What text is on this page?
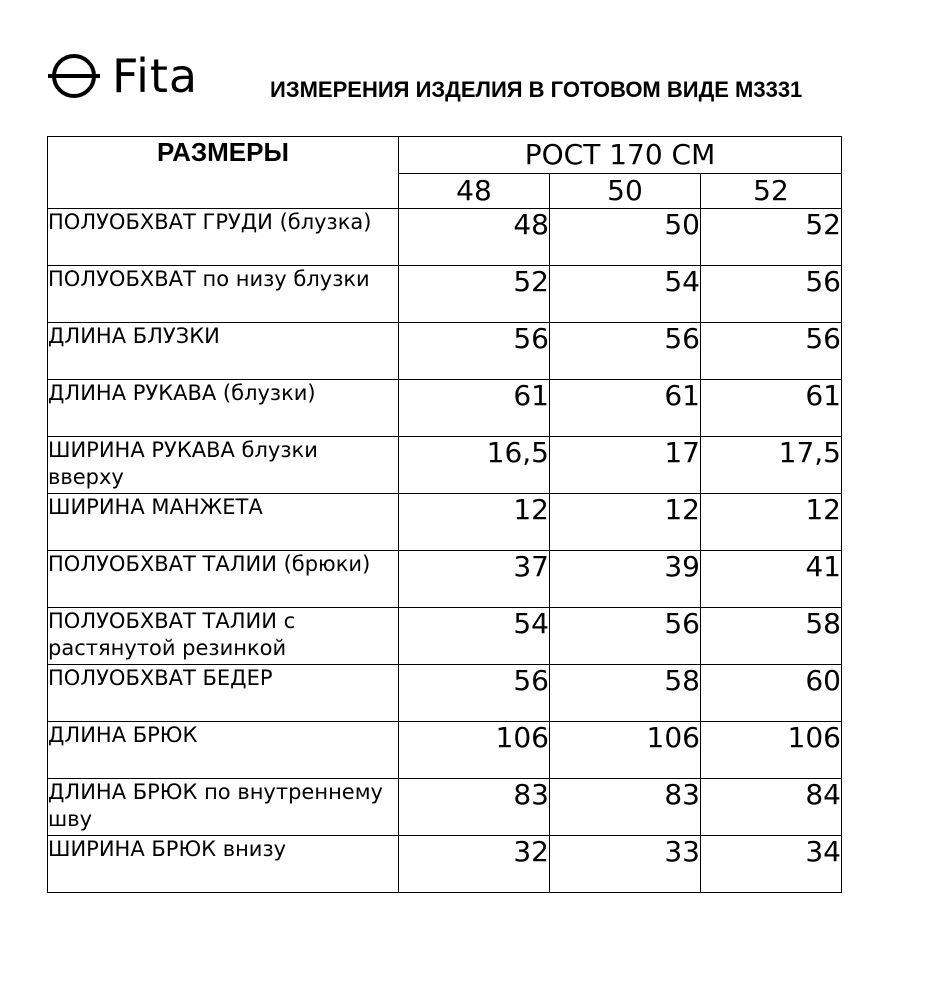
Fita	ИЗМЕРЕНИЯ ИЗДЕЛИЯ В ГОТОВОМ ВИДЕ М3331
РАЗМЕРЫ	РОСТ 170 СМ		
	48	50	52
ПОЛУОБХВАТ ГРУДИ (блузка)	48	50	52
ПОЛУОБХВАТ по низу блузки	52	54	56
ДЛИНА БЛУЗКИ	56	56	56
ДЛИНА РУКАВА (блузки)	61	61	61
ШИРИНА РУКАВА блузки вверху	16,5	17	17,5
ШИРИНА МАНЖЕТА	12	12	12
ПОЛУОБХВАТ ТАЛИИ (брюки)	37	39	41
ПОЛУОБХВАТ ТАЛИИ с растянутой резинкой	54	56	58
ПОЛУОБХВАТ БЕДЕР	56	58	60
ДЛИНА БРЮК	106	106	106
ДЛИНА БРЮК по внутреннему шву	83	83	84
ШИРИНА БРЮК внизу	32	33	34
